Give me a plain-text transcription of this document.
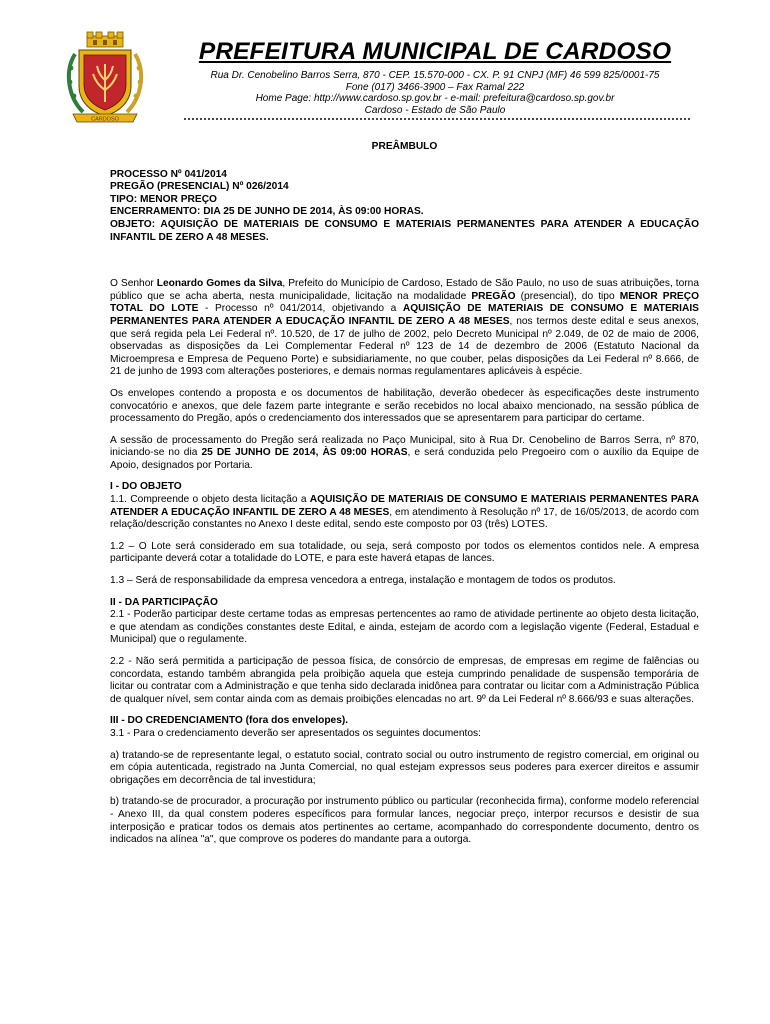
CARDOSO
PREFEITURA MUNICIPAL DE CARDOSO
Rua Dr. Cenobelino Barros Serra, 870 - CEP. 15.570-000 - CX. P. 91 CNPJ (MF) 46 599 825/0001-75
Fone (017) 3466-3900 – Fax Ramal 222
Home Page: http://www.cardoso.sp.gov.br - e-mail: prefeitura@cardoso.sp.gov.br
Cardoso - Estado de São Paulo

PREÂMBULO

PROCESSO Nº 041/2014

PREGÃO (PRESENCIAL) Nº 026/2014

TIPO: MENOR PREÇO

ENCERRAMENTO: DIA 25 DE JUNHO DE 2014, ÀS 09:00 HORAS.

OBJETO: AQUISIÇÃO DE MATERIAIS DE CONSUMO E MATERIAIS PERMANENTES PARA ATENDER A EDUCAÇÃO INFANTIL DE ZERO A 48 MESES.

O Senhor Leonardo Gomes da Silva, Prefeito do Município de Cardoso, Estado de São Paulo, no uso de suas atribuições, torna público que se acha aberta, nesta municipalidade, licitação na modalidade PREGÃO (presencial), do tipo MENOR PREÇO TOTAL DO LOTE - Processo nº 041/2014, objetivando a AQUISIÇÃO DE MATERIAIS DE CONSUMO E MATERIAIS PERMANENTES PARA ATENDER A EDUCAÇÃO INFANTIL DE ZERO A 48 MESES, nos termos deste edital e seus anexos, que será regida pela Lei Federal nº. 10.520, de 17 de julho de 2002, pelo Decreto Municipal nº 2.049, de 02 de maio de 2006, observadas as disposições da Lei Complementar Federal nº 123 de 14 de dezembro de 2006 (Estatuto Nacional da Microempresa e Empresa de Pequeno Porte) e subsidiariamente, no que couber, pelas disposições da Lei Federal nº 8.666, de 21 de junho de 1993 com alterações posteriores, e demais normas regulamentares aplicáveis à espécie.

Os envelopes contendo a proposta e os documentos de habilitação, deverão obedecer às especificações deste instrumento convocatório e anexos, que dele fazem parte integrante e serão recebidos no local abaixo mencionado, na sessão pública de processamento do Pregão, após o credenciamento dos interessados que se apresentarem para participar do certame.

A sessão de processamento do Pregão será realizada no Paço Municipal, sito à Rua Dr. Cenobelino de Barros Serra, nº 870, iniciando-se no dia 25 DE JUNHO DE 2014, ÀS 09:00 HORAS, e será conduzida pelo Pregoeiro com o auxílio da Equipe de Apoio, designados por Portaria.

I - DO OBJETO

1.1. Compreende o objeto desta licitação a AQUISIÇÃO DE MATERIAIS DE CONSUMO E MATERIAIS PERMANENTES PARA ATENDER A EDUCAÇÃO INFANTIL DE ZERO A 48 MESES, em atendimento à Resolução nº 17, de 16/05/2013, de acordo com relação/descrição constantes no Anexo I deste edital, sendo este composto por 03 (três) LOTES.

1.2 – O Lote será considerado em sua totalidade, ou seja, será composto por todos os elementos contidos nele. A empresa participante deverá cotar a totalidade do LOTE, e para este haverá etapas de lances.

1.3 – Será de responsabilidade da empresa vencedora a entrega, instalação e montagem de todos os produtos.

II - DA PARTICIPAÇÃO

2.1 - Poderão participar deste certame todas as empresas pertencentes ao ramo de atividade pertinente ao objeto desta licitação, e que atendam as condições constantes deste Edital, e ainda, estejam de acordo com a legislação vigente (Federal, Estadual e Municipal) que o regulamente.

2.2 - Não será permitida a participação de pessoa física, de consórcio de empresas, de empresas em regime de falências ou concordata, estando também abrangida pela proibição aquela que esteja cumprindo penalidade de suspensão temporária de licitar ou contratar com a Administração e que tenha sido declarada inidônea para contratar ou licitar com a Administração Pública de qualquer nível, sem contar ainda com as demais proibições elencadas no art. 9º da Lei Federal nº 8.666/93 e suas alterações.

III - DO CREDENCIAMENTO (fora dos envelopes).

3.1 - Para o credenciamento deverão ser apresentados os seguintes documentos:

a) tratando-se de representante legal, o estatuto social, contrato social ou outro instrumento de registro comercial, em original ou em cópia autenticada, registrado na Junta Comercial, no qual estejam expressos seus poderes para exercer direitos e assumir obrigações em decorrência de tal investidura;

b) tratando-se de procurador, a procuração por instrumento público ou particular (reconhecida firma), conforme modelo referencial - Anexo III, da qual constem poderes específicos para formular lances, negociar preço, interpor recursos e desistir de sua interposição e praticar todos os demais atos pertinentes ao certame, acompanhado do correspondente documento, dentro os indicados na alínea "a", que comprove os poderes do mandante para a outorga.
